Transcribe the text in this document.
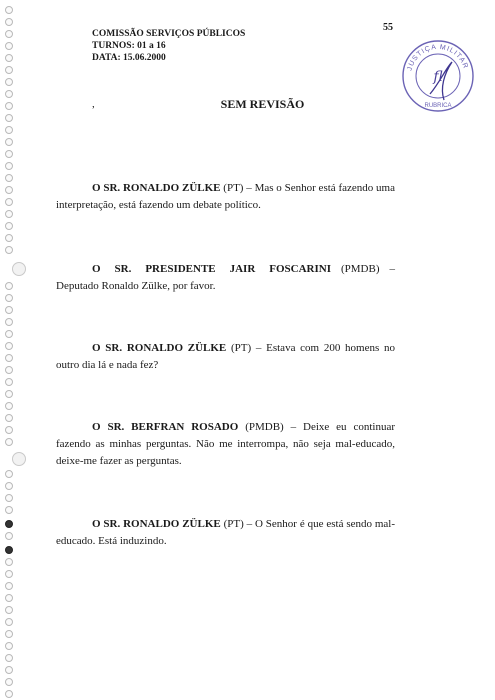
COMISSÃO SERVIÇOS PÚBLICOS
TURNOS: 01 a 16
DATA: 15.06.2000
55
JUSTIÇA MILITAR
fl
RUBRICA
,	SEM REVISÃO

O SR. RONALDO ZÜLKE (PT) – Mas o Senhor está fazendo uma interpretação, está fazendo um debate político.

O SR. PRESIDENTE JAIR FOSCARINI (PMDB) – Deputado Ronaldo Zülke, por favor.

O SR. RONALDO ZÜLKE (PT) – Estava com 200 homens no outro dia lá e nada fez?

O SR. BERFRAN ROSADO (PMDB) – Deixe eu continuar fazendo as minhas perguntas. Não me interrompa, não seja mal-educado, deixe-me fazer as perguntas.

O SR. RONALDO ZÜLKE (PT) – O Senhor é que está sendo mal-educado. Está induzindo.
